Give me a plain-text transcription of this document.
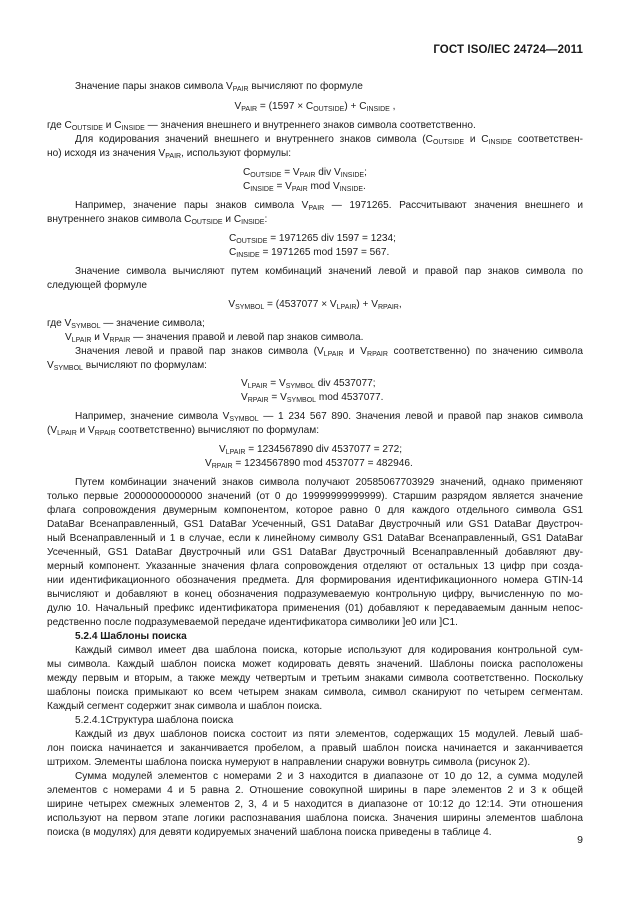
ГОСТ ISO/IEC 24724—2011
Значение пары знаков символа $V_{PAIR}$ вычисляют по формуле
$V_{PAIR} = (1597 \times C_{OUTSIDE}) + C_{INSIDE}$ ,
где $C_{OUTSIDE}$ и $C_{INSIDE}$ — значения внешнего и внутреннего знаков символа соответственно.
Для кодирования значений внешнего и внутреннего знаков символа ($C_{OUTSIDE}$ и $C_{INSIDE}$ соответствен-
но) исходя из значения $V_{PAIR}$, используют формулы:
$C_{OUTSIDE} = V_{PAIR}$ div $V_{INSIDE}$;
$C_{INSIDE} = V_{PAIR}$ mod $V_{INSIDE}$.
Например, значение пары знаков символа $V_{PAIR}$ — 1971265. Рассчитывают значения внешнего и
внутреннего знаков символа $C_{OUTSIDE}$ и $C_{INSIDE}$:
$C_{OUTSIDE} = 1971265$ div 1597 = 1234;
$C_{INSIDE} = 1971265$ mod 1597 = 567.
Значение символа вычисляют путем комбинаций значений левой и правой пар знаков символа по
следующей формуле
$V_{SYMBOL} = (4537077 \times V_{LPAIR}) + V_{RPAIR}$,
где $V_{SYMBOL}$ — значение символа;
$V_{LPAIR}$ и $V_{RPAIR}$ — значения правой и левой пар знаков символа.
Значения левой и правой пар знаков символа ($V_{LPAIR}$ и $V_{RPAIR}$ соответственно) по значению символа
$V_{SYMBOL}$ вычисляют по формулам:
$V_{LPAIR} = V_{SYMBOL}$ div 4537077;
$V_{RPAIR} = V_{SYMBOL}$ mod 4537077.
Например, значение символа $V_{SYMBOL}$ — 1 234 567 890. Значения левой и правой пар знаков символа
($V_{LPAIR}$ и $V_{RPAIR}$ соответственно) вычисляют по формулам:
$V_{LPAIR} = 1234567890$ div 4537077 = 272;
$V_{RPAIR} = 1234567890$ mod 4537077 = 482946.
Путем комбинации значений знаков символа получают 20585067703929 значений, однако применяют
только первые 20000000000000 значений (от 0 до 19999999999999). Старшим разрядом является значение
флага сопровождения двумерным компонентом, которое равно 0 для каждого отдельного символа GS1
DataBar Всенаправленный, GS1 DataBar Усеченный, GS1 DataBar Двустрочный или GS1 DataBar Двустроч-
ный Всенаправленный и 1 в случае, если к линейному символу GS1 DataBar Всенаправленный, GS1 DataBar
Усеченный, GS1 DataBar Двустрочный или GS1 DataBar Двустрочный Всенаправленный добавляют дву-
мерный компонент. Указанные значения флага сопровождения отделяют от остальных 13 цифр при созда-
нии идентификационного обозначения предмета. Для формирования идентификационного номера GTIN-14
вычисляют и добавляют в конец обозначения подразумеваемую контрольную цифру, вычисленную по мо-
дулю 10. Начальный префикс идентификатора применения (01) добавляют к передаваемым данным непос-
редственно после подразумеваемой передаче идентификатора символики ]e0 или ]C1.
5.2.4 Шаблоны поиска
Каждый символ имеет два шаблона поиска, которые используют для кодирования контрольной сум-
мы символа. Каждый шаблон поиска может кодировать девять значений. Шаблоны поиска расположены
между первым и вторым, а также между четвертым и третьим знаками символа соответственно. Поскольку
шаблоны поиска примыкают ко всем четырем знакам символа, символ сканируют по четырем сегментам.
Каждый сегмент содержит знак символа и шаблон поиска.
5.2.4.1Структура шаблона поиска
Каждый из двух шаблонов поиска состоит из пяти элементов, содержащих 15 модулей. Левый шаб-
лон поиска начинается и заканчивается пробелом, а правый шаблон поиска начинается и заканчивается
штрихом. Элементы шаблона поиска нумеруют в направлении снаружи вовнутрь символа (рисунок 2).
Сумма модулей элементов с номерами 2 и 3 находится в диапазоне от 10 до 12, а сумма модулей
элементов с номерами 4 и 5 равна 2. Отношение совокупной ширины в паре элементов 2 и 3 к общей
ширине четырех смежных элементов 2, 3, 4 и 5 находится в диапазоне от 10:12 до 12:14. Эти отношения
используют на первом этапе логики распознавания шаблона поиска. Значения ширины элементов шаблона
поиска (в модулях) для девяти кодируемых значений шаблона поиска приведены в таблице 4.
9
